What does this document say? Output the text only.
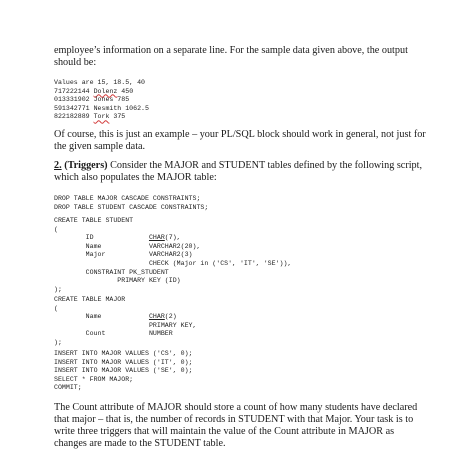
employee’s information on a separate line. For the sample data given above, the output should be:

Values are 15, 18.5, 40
717222144 Dolenz 450
013331902 Jones 785
591342771 Nesmith 1062.5
822182889 Tork 375

Of course, this is just an example – your PL/SQL block should work in general, not just for the given sample data.

2. (Triggers) Consider the MAJOR and STUDENT tables defined by the following script, which also populates the MAJOR table:

DROP TABLE MAJOR CASCADE CONSTRAINTS;
DROP TABLE STUDENT CASCADE CONSTRAINTS;
CREATE TABLE STUDENT
(
ID              CHAR(7),
Name            VARCHAR2(20),
Major           VARCHAR2(3)
CHECK (Major in ('CS', 'IT', 'SE')),
CONSTRAINT PK_STUDENT
PRIMARY KEY (ID)
);
CREATE TABLE MAJOR
(
Name            CHAR(2)
PRIMARY KEY,
Count           NUMBER
);
INSERT INTO MAJOR VALUES ('CS', 0);
INSERT INTO MAJOR VALUES ('IT', 0);
INSERT INTO MAJOR VALUES ('SE', 0);
SELECT * FROM MAJOR;
COMMIT;

The Count attribute of MAJOR should store a count of how many students have declared that major – that is, the number of records in STUDENT with that Major. Your task is to write three triggers that will maintain the value of the Count attribute in MAJOR as changes are made to the STUDENT table.
